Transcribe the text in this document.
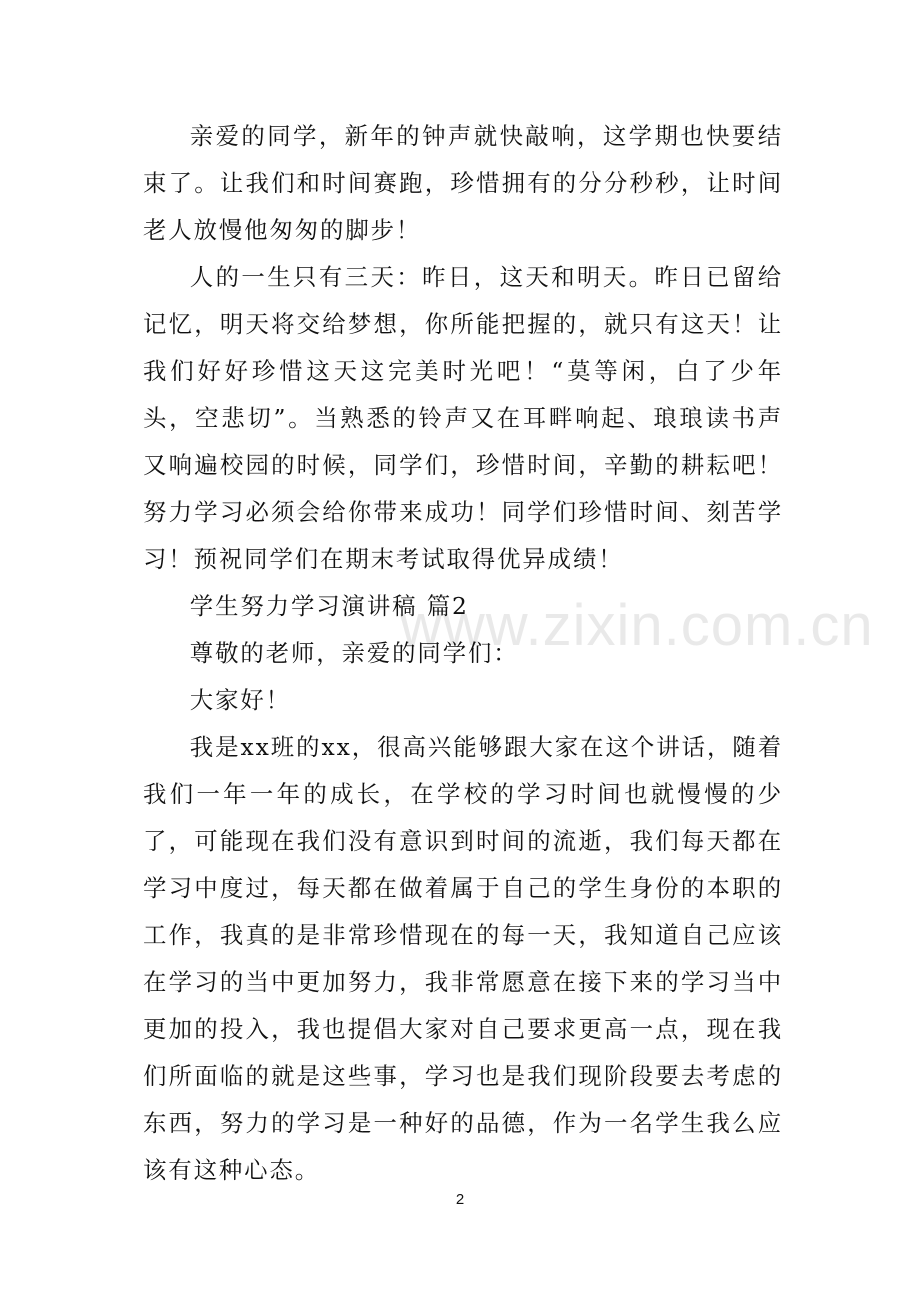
www.zixin.com.cn

亲爱的同学，新年的钟声就快敲响，这学期也快要结束了。让我们和时间赛跑，珍惜拥有的分分秒秒，让时间老人放慢他匆匆的脚步！

人的一生只有三天：昨日，这天和明天。昨日已留给记忆，明天将交给梦想，你所能把握的，就只有这天！让我们好好珍惜这天这完美时光吧！“莫等闲，白了少年头，空悲切”。当熟悉的铃声又在耳畔响起、琅琅读书声又响遍校园的时候，同学们，珍惜时间，辛勤的耕耘吧！努力学习必须会给你带来成功！同学们珍惜时间、刻苦学习！预祝同学们在期末考试取得优异成绩！

学生努力学习演讲稿 篇2

尊敬的老师，亲爱的同学们：

大家好！

我是xx班的xx，很高兴能够跟大家在这个讲话，随着我们一年一年的成长，在学校的学习时间也就慢慢的少了，可能现在我们没有意识到时间的流逝，我们每天都在学习中度过，每天都在做着属于自己的学生身份的本职的工作，我真的是非常珍惜现在的每一天，我知道自己应该在学习的当中更加努力，我非常愿意在接下来的学习当中更加的投入，我也提倡大家对自己要求更高一点，现在我们所面临的就是这些事，学习也是我们现阶段要去考虑的东西，努力的学习是一种好的品德，作为一名学生我么应该有这种心态。

2
